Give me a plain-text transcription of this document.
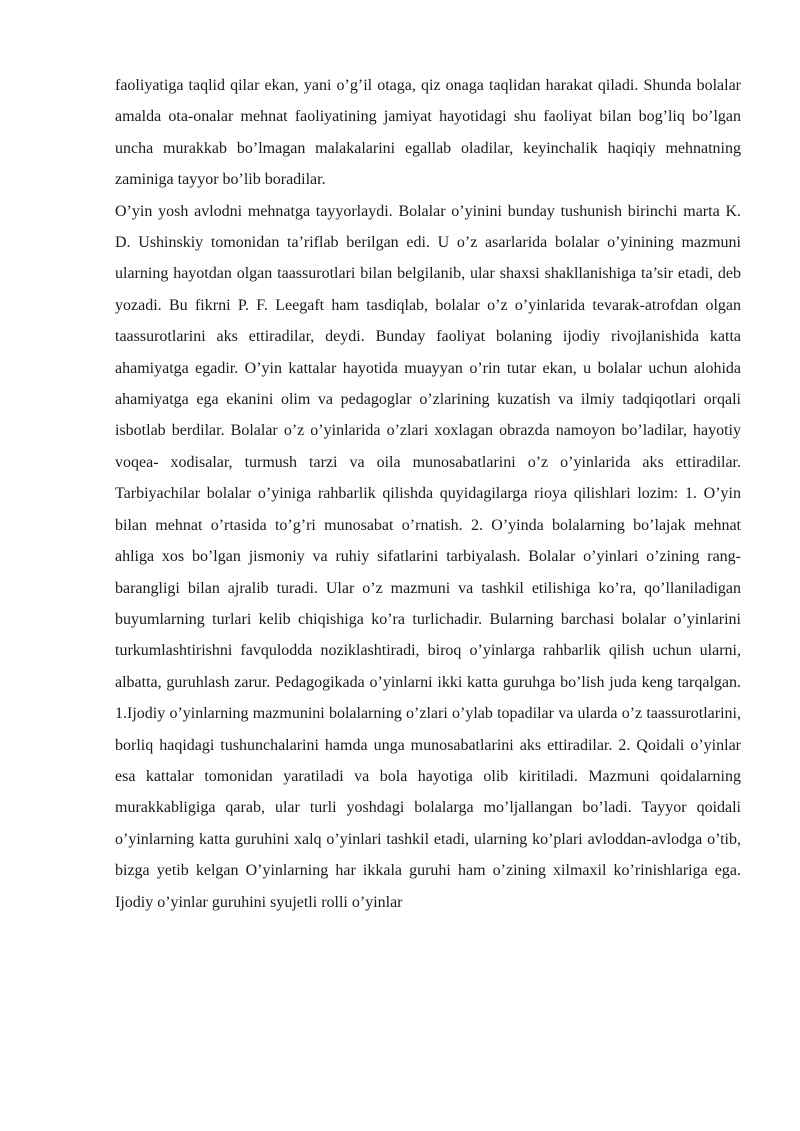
faoliyatiga taqlid qilar ekan, yani o’g’il otaga, qiz onaga taqlidan harakat qiladi. Shunda bolalar amalda ota-onalar mehnat faoliyatining jamiyat hayotidagi shu faoliyat bilan bog’liq bo’lgan uncha murakkab bo’lmagan malakalarini egallab oladilar, keyinchalik haqiqiy mehnatning zaminiga tayyor bo’lib boradilar.

O’yin yosh avlodni mehnatga tayyorlaydi. Bolalar o’yinini bunday tushunish birinchi marta K. D. Ushinskiy tomonidan ta’riflab berilgan edi. U o’z asarlarida bolalar o’yinining mazmuni ularning hayotdan olgan taassurotlari bilan belgilanib, ular shaxsi shakllanishiga ta’sir etadi, deb yozadi. Bu fikrni P. F. Leegaft ham tasdiqlab, bolalar o’z o’yinlarida tevarak-atrofdan olgan taassurotlarini aks ettiradilar, deydi. Bunday faoliyat bolaning ijodiy rivojlanishida katta ahamiyatga egadir. O’yin kattalar hayotida muayyan o’rin tutar ekan, u bolalar uchun alohida ahamiyatga ega ekanini olim va pedagoglar o’zlarining kuzatish va ilmiy tadqiqotlari orqali isbotlab berdilar. Bolalar o’z o’yinlarida o’zlari xoxlagan obrazda namoyon bo’ladilar, hayotiy voqea- xodisalar, turmush tarzi va oila munosabatlarini o’z o’yinlarida aks ettiradilar. Tarbiyachilar bolalar o’yiniga rahbarlik qilishda quyidagilarga rioya qilishlari lozim: 1. O’yin bilan mehnat o’rtasida to’g’ri munosabat o’rnatish. 2. O’yinda bolalarning bo’lajak mehnat ahliga xos bo’lgan jismoniy va ruhiy sifatlarini tarbiyalash. Bolalar o’yinlari o’zining rang-barangligi bilan ajralib turadi. Ular o’z mazmuni va tashkil etilishiga ko’ra, qo’llaniladigan buyumlarning turlari kelib chiqishiga ko’ra turlichadir. Bularning barchasi bolalar o’yinlarini turkumlashtirishni favqulodda noziklashtiradi, biroq o’yinlarga rahbarlik qilish uchun ularni, albatta, guruhlash zarur. Pedagogikada o’yinlarni ikki katta guruhga bo’lish juda keng tarqalgan. 1.Ijodiy o’yinlarning mazmunini bolalarning o’zlari o’ylab topadilar va ularda o’z taassurotlarini, borliq haqidagi tushunchalarini hamda unga munosabatlarini aks ettiradilar. 2. Qoidali o’yinlar esa kattalar tomonidan yaratiladi va bola hayotiga olib kiritiladi. Mazmuni qoidalarning murakkabligiga qarab, ular turli yoshdagi bolalarga mo’ljallangan bo’ladi. Tayyor qoidali o’yinlarning katta guruhini xalq o’yinlari tashkil etadi, ularning ko’plari avloddan-avlodga o’tib, bizga yetib kelgan O’yinlarning har ikkala guruhi ham o’zining xilmaxil ko’rinishlariga ega. Ijodiy o’yinlar guruhini syujetli rolli o’yinlar
